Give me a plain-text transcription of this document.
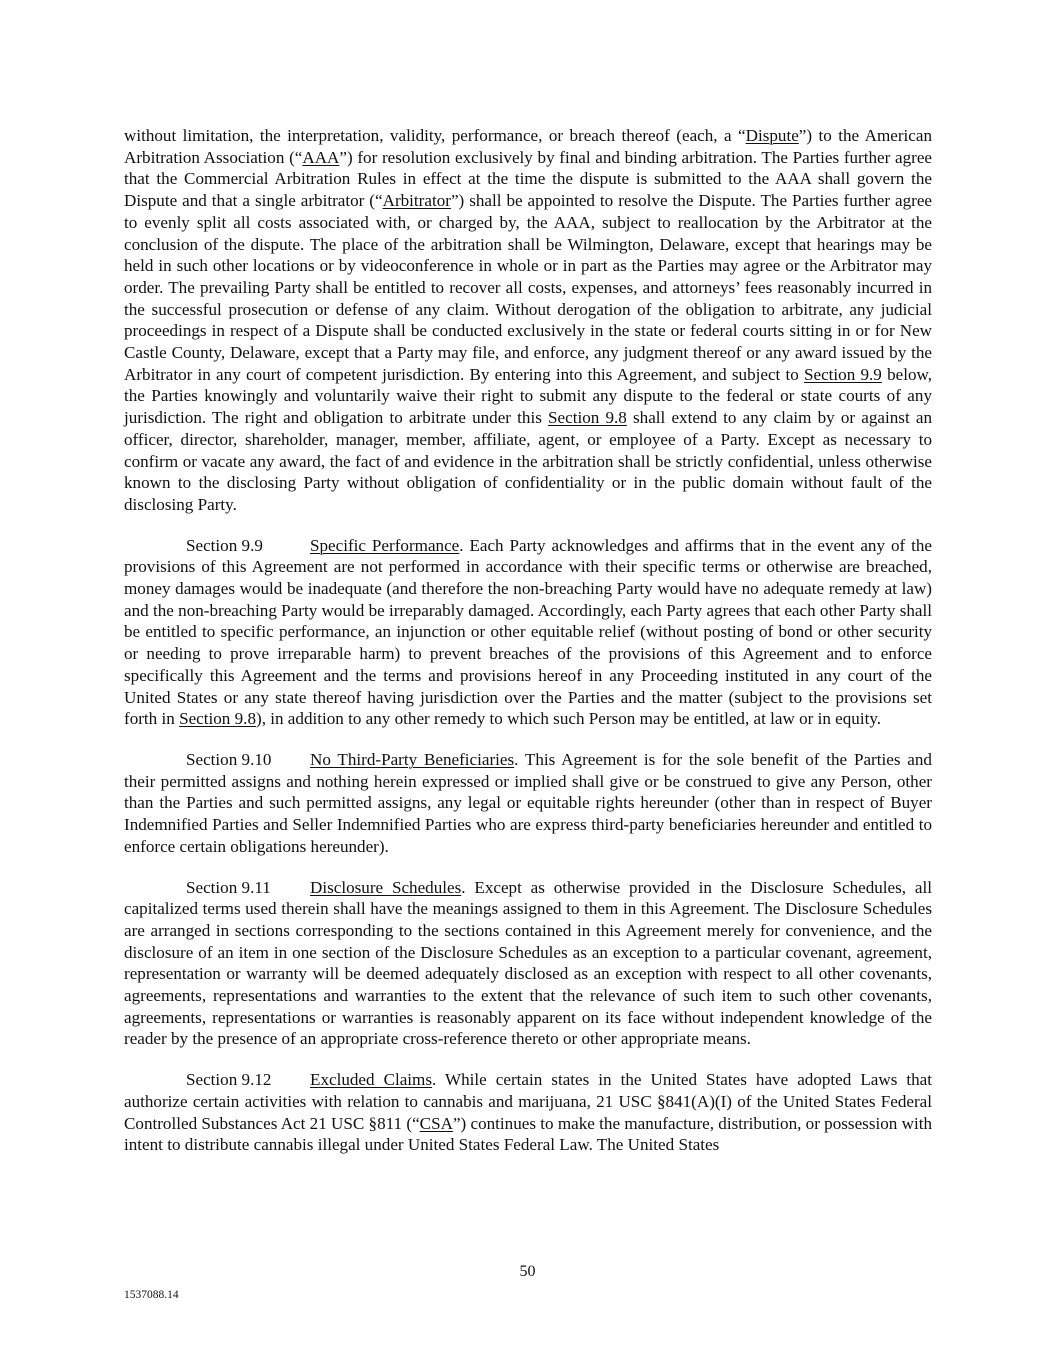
without limitation, the interpretation, validity, performance, or breach thereof (each, a “Dispute”) to the American Arbitration Association (“AAA”) for resolution exclusively by final and binding arbitration. The Parties further agree that the Commercial Arbitration Rules in effect at the time the dispute is submitted to the AAA shall govern the Dispute and that a single arbitrator (“Arbitrator”) shall be appointed to resolve the Dispute. The Parties further agree to evenly split all costs associated with, or charged by, the AAA, subject to reallocation by the Arbitrator at the conclusion of the dispute. The place of the arbitration shall be Wilmington, Delaware, except that hearings may be held in such other locations or by videoconference in whole or in part as the Parties may agree or the Arbitrator may order. The prevailing Party shall be entitled to recover all costs, expenses, and attorneys’ fees reasonably incurred in the successful prosecution or defense of any claim. Without derogation of the obligation to arbitrate, any judicial proceedings in respect of a Dispute shall be conducted exclusively in the state or federal courts sitting in or for New Castle County, Delaware, except that a Party may file, and enforce, any judgment thereof or any award issued by the Arbitrator in any court of competent jurisdiction. By entering into this Agreement, and subject to Section 9.9 below, the Parties knowingly and voluntarily waive their right to submit any dispute to the federal or state courts of any jurisdiction. The right and obligation to arbitrate under this Section 9.8 shall extend to any claim by or against an officer, director, shareholder, manager, member, affiliate, agent, or employee of a Party. Except as necessary to confirm or vacate any award, the fact of and evidence in the arbitration shall be strictly confidential, unless otherwise known to the disclosing Party without obligation of confidentiality or in the public domain without fault of the disclosing Party.

Section 9.9	Specific Performance. Each Party acknowledges and affirms that in the event any of the provisions of this Agreement are not performed in accordance with their specific terms or otherwise are breached, money damages would be inadequate (and therefore the non-breaching Party would have no adequate remedy at law) and the non-breaching Party would be irreparably damaged. Accordingly, each Party agrees that each other Party shall be entitled to specific performance, an injunction or other equitable relief (without posting of bond or other security or needing to prove irreparable harm) to prevent breaches of the provisions of this Agreement and to enforce specifically this Agreement and the terms and provisions hereof in any Proceeding instituted in any court of the United States or any state thereof having jurisdiction over the Parties and the matter (subject to the provisions set forth in Section 9.8), in addition to any other remedy to which such Person may be entitled, at law or in equity.

Section 9.10 No Third-Party Beneficiaries. This Agreement is for the sole benefit of the Parties and their permitted assigns and nothing herein expressed or implied shall give or be construed to give any Person, other than the Parties and such permitted assigns, any legal or equitable rights hereunder (other than in respect of Buyer Indemnified Parties and Seller Indemnified Parties who are express third-party beneficiaries hereunder and entitled to enforce certain obligations hereunder).

Section 9.11 Disclosure Schedules. Except as otherwise provided in the Disclosure Schedules, all capitalized terms used therein shall have the meanings assigned to them in this Agreement. The Disclosure Schedules are arranged in sections corresponding to the sections contained in this Agreement merely for convenience, and the disclosure of an item in one section of the Disclosure Schedules as an exception to a particular covenant, agreement, representation or warranty will be deemed adequately disclosed as an exception with respect to all other covenants, agreements, representations and warranties to the extent that the relevance of such item to such other covenants, agreements, representations or warranties is reasonably apparent on its face without independent knowledge of the reader by the presence of an appropriate cross-reference thereto or other appropriate means.

Section 9.12 Excluded Claims. While certain states in the United States have adopted Laws that authorize certain activities with relation to cannabis and marijuana, 21 USC §841(A)(I) of the United States Federal Controlled Substances Act 21 USC §811 (“CSA”) continues to make the manufacture, distribution, or possession with intent to distribute cannabis illegal under United States Federal Law. The United States

50
1537088.14
